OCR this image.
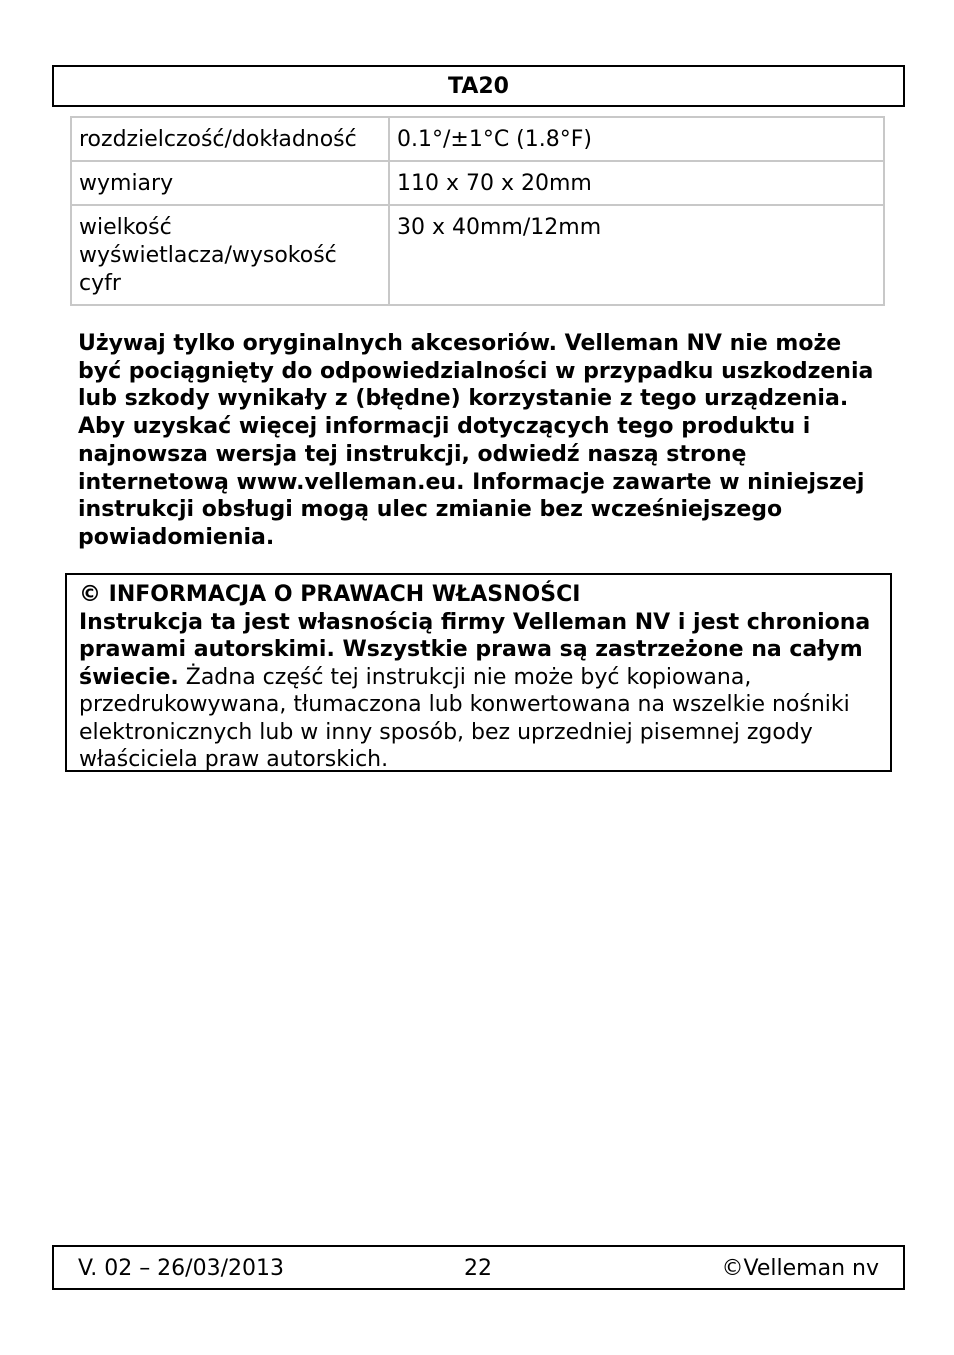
TA20
rozdzielczość/dokładność	0.1°/±1°C (1.8°F)
wymiary	110 x 70 x 20mm
wielkość wyświetlacza/wysokość cyfr	30 x 40mm/12mm
Używaj tylko oryginalnych akcesoriów. Velleman NV nie może być pociągnięty do odpowiedzialności w przypadku uszkodzenia lub szkody wynikały z (błędne) korzystanie z tego urządzenia. Aby uzyskać więcej informacji dotyczących tego produktu i najnowsza wersja tej instrukcji, odwiedź naszą stronę internetową www.velleman.eu. Informacje zawarte w niniejszej instrukcji obsługi mogą ulec zmianie bez wcześniejszego powiadomienia.
© INFORMACJA O PRAWACH WŁASNOŚCI
Instrukcja ta jest własnością firmy Velleman NV i jest chroniona prawami autorskimi. Wszystkie prawa są zastrzeżone na całym świecie. Żadna część tej instrukcji nie może być kopiowana, przedrukowywana, tłumaczona lub konwertowana na wszelkie nośniki elektronicznych lub w inny sposób, bez uprzedniej pisemnej zgody właściciela praw autorskich.
V. 02 – 26/03/2013	22	©Velleman nv
